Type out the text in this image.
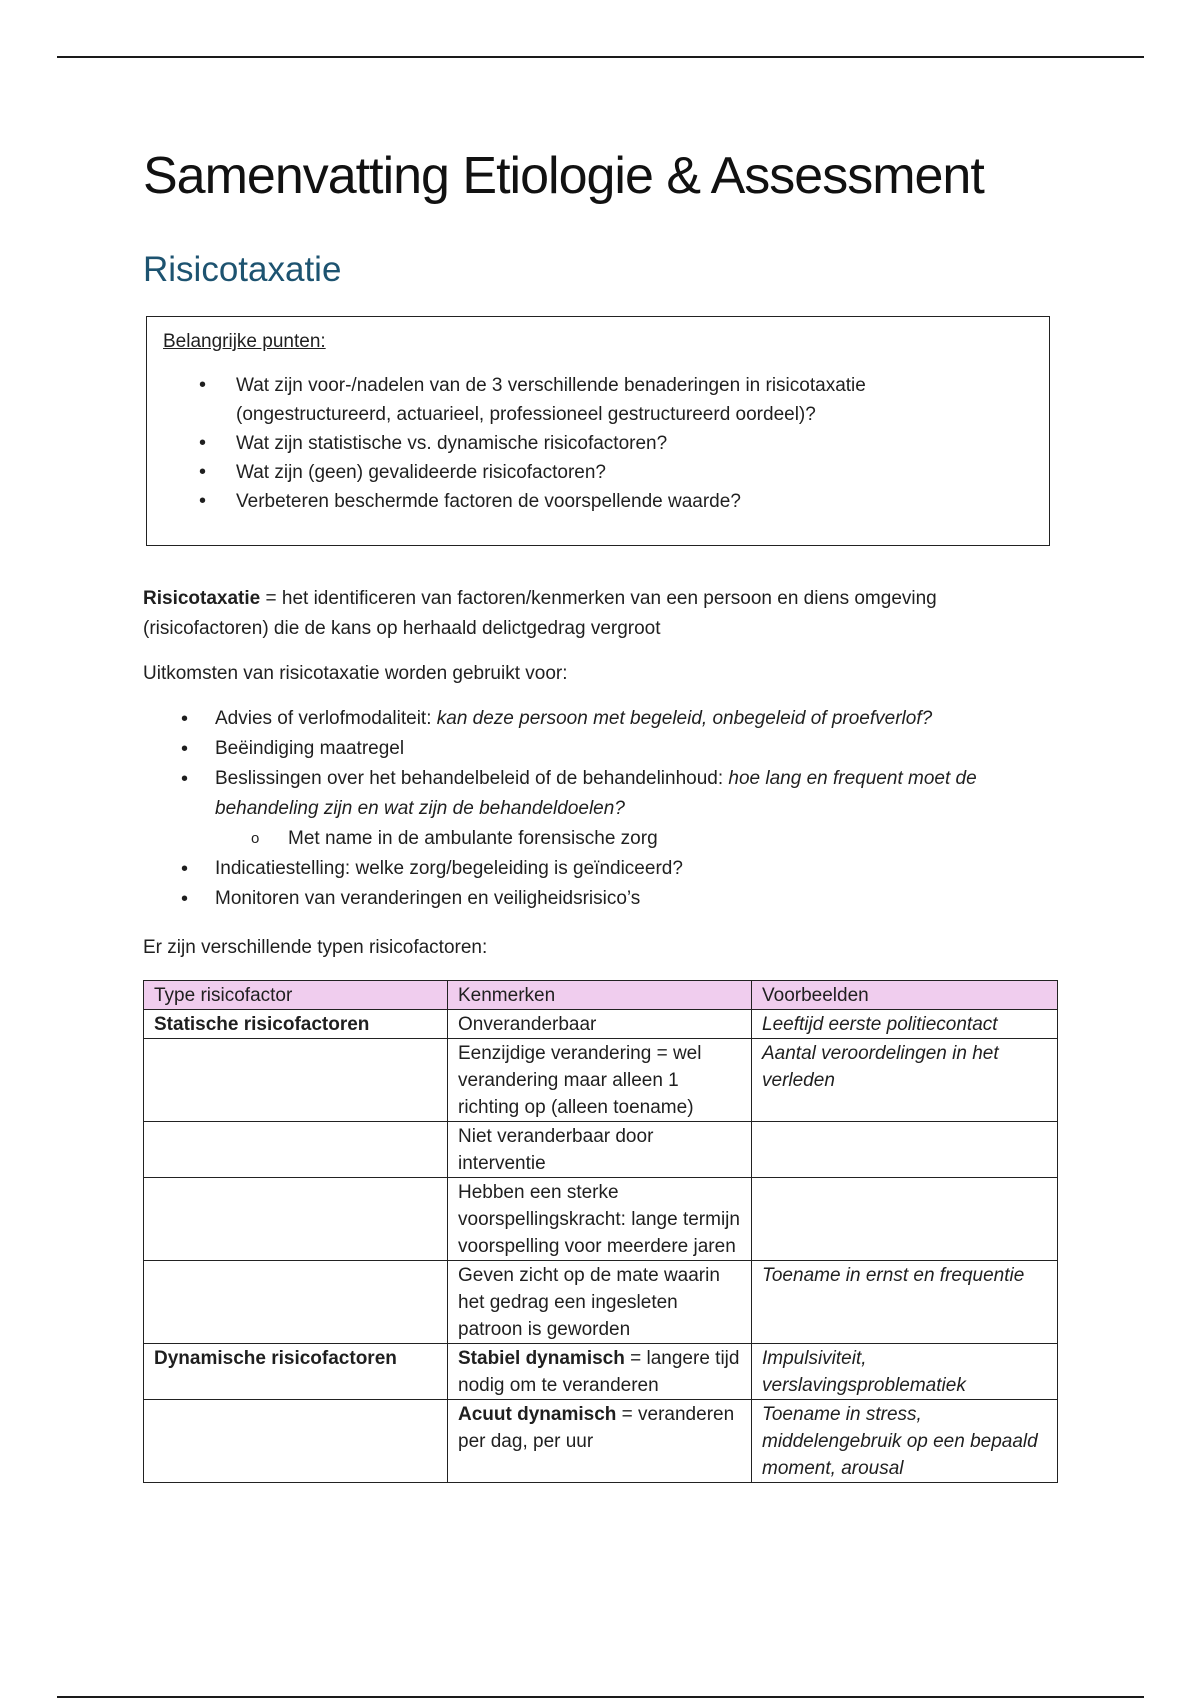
Samenvatting Etiologie & Assessment
Risicotaxatie
Belangrijke punten:
• Wat zijn voor-/nadelen van de 3 verschillende benaderingen in risicotaxatie (ongestructureerd, actuarieel, professioneel gestructureerd oordeel)?
• Wat zijn statistische vs. dynamische risicofactoren?
• Wat zijn (geen) gevalideerde risicofactoren?
• Verbeteren beschermde factoren de voorspellende waarde?

Risicotaxatie = het identificeren van factoren/kenmerken van een persoon en diens omgeving (risicofactoren) die de kans op herhaald delictgedrag vergroot

Uitkomsten van risicotaxatie worden gebruikt voor:

• Advies of verlofmodaliteit: kan deze persoon met begeleid, onbegeleid of proefverlof?
• Beëindiging maatregel
• Beslissingen over het behandelbeleid of de behandelinhoud: hoe lang en frequent moet de behandeling zijn en wat zijn de behandeldoelen?
o Met name in de ambulante forensische zorg
• Indicatiestelling: welke zorg/begeleiding is geïndiceerd?
• Monitoren van veranderingen en veiligheidsrisico’s

Er zijn verschillende typen risicofactoren:

Type risicofactor	Kenmerken	Voorbeelden
Statische risicofactoren	Onveranderbaar	Leeftijd eerste politiecontact
	Eenzijdige verandering = wel verandering maar alleen 1 richting op (alleen toename)	Aantal veroordelingen in het verleden
	Niet veranderbaar door interventie	
	Hebben een sterke voorspellingskracht: lange termijn voorspelling voor meerdere jaren	
	Geven zicht op de mate waarin het gedrag een ingesleten patroon is geworden	Toename in ernst en frequentie
Dynamische risicofactoren	Stabiel dynamisch = langere tijd nodig om te veranderen	Impulsiviteit, verslavingsproblematiek
	Acuut dynamisch = veranderen per dag, per uur	Toename in stress, middelengebruik op een bepaald moment, arousal
